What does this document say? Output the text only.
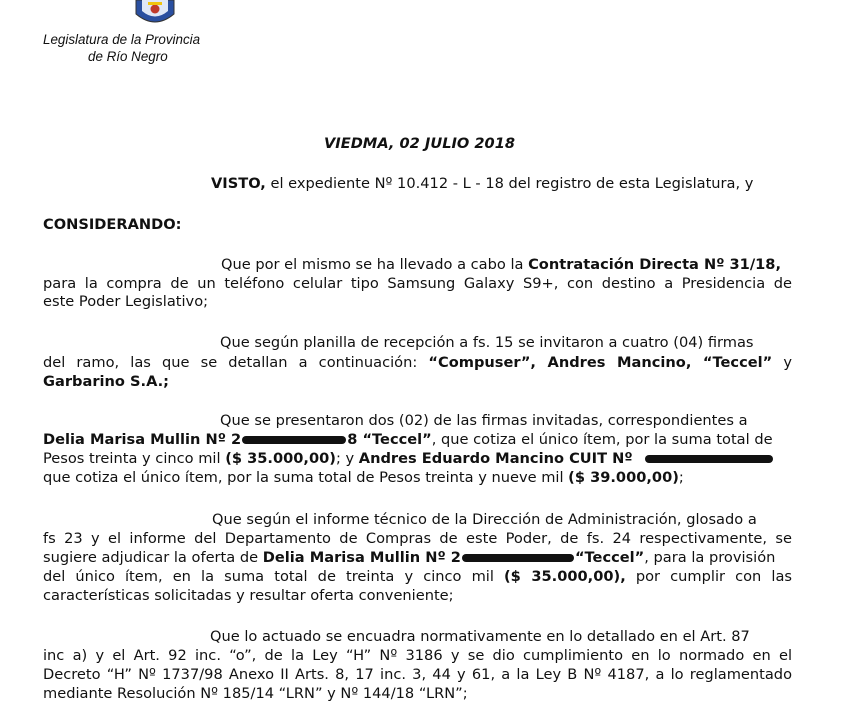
Legislatura de la Provincia
de Río Negro
VIEDMA, 02 JULIO 2018

VISTO, el expediente Nº 10.412 - L - 18 del registro de esta Legislatura, y

CONSIDERANDO:

Que por el mismo se ha llevado a cabo la Contratación Directa Nº 31/18,

para la compra de un teléfono celular tipo Samsung Galaxy S9+, con destino a Presidencia de

este Poder Legislativo;

Que según planilla de recepción a fs. 15 se invitaron a cuatro (04) firmas

del ramo, las que se detallan a continuación: “Compuser”, Andres Mancino, “Teccel” y

Garbarino S.A.;

Que se presentaron dos (02) de las firmas invitadas, correspondientes a

Delia Marisa Mullin Nº 2	8 “Teccel”, que cotiza el único ítem, por la suma total de

Pesos treinta y cinco mil ($ 35.000,00); y Andres Eduardo Mancino CUIT Nº

que cotiza el único ítem, por la suma total de Pesos treinta y nueve mil ($ 39.000,00);

Que según el informe técnico de la Dirección de Administración, glosado a

fs 23 y el informe del Departamento de Compras de este Poder, de fs. 24 respectivamente, se

sugiere adjudicar la oferta de Delia Marisa Mullin Nº 2	“Teccel”, para la provisión

del único ítem, en la suma total de treinta y cinco mil ($ 35.000,00), por cumplir con las

características solicitadas y resultar oferta conveniente;

Que lo actuado se encuadra normativamente en lo detallado en el Art. 87

inc a) y el Art. 92 inc. “o”, de la Ley “H” Nº 3186 y se dio cumplimiento en lo normado en el

Decreto “H” Nº 1737/98 Anexo II Arts. 8, 17 inc. 3, 44 y 61, a la Ley B Nº 4187, a lo reglamentado

mediante Resolución Nº 185/14 “LRN” y Nº 144/18 “LRN”;
